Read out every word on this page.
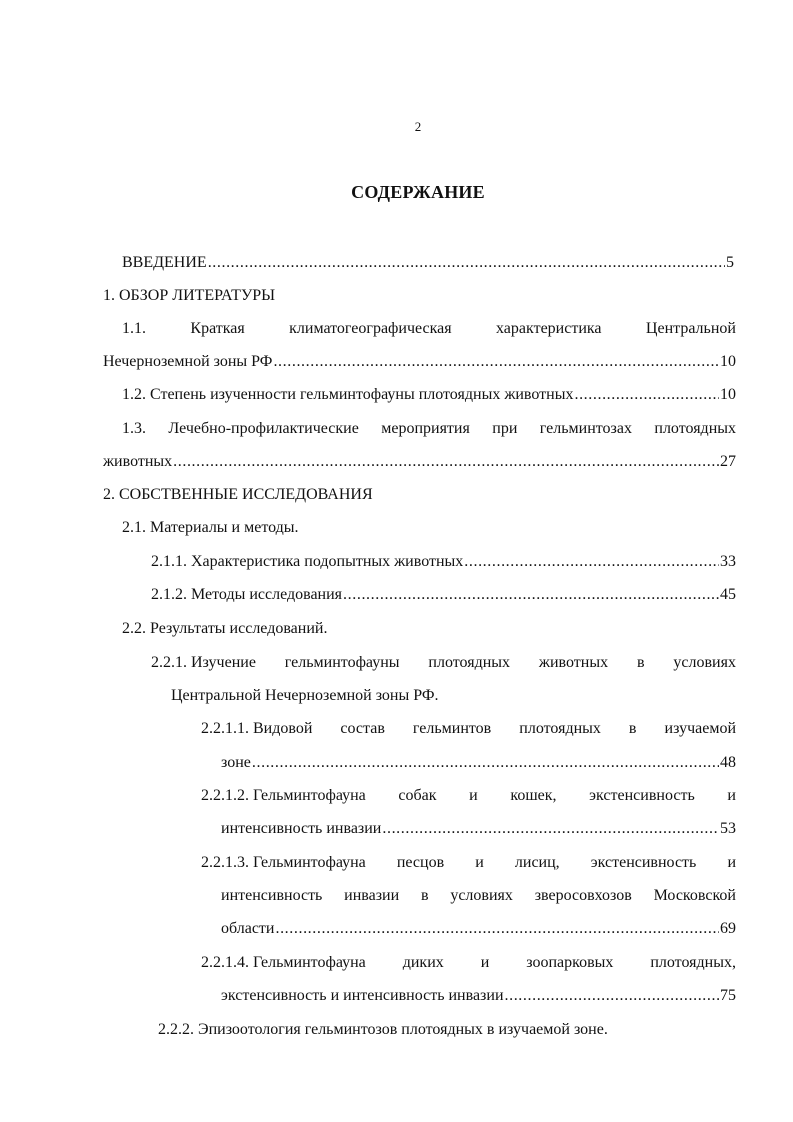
2
СОДЕРЖАНИЕ
ВВЕДЕНИЕ .....	5
1. ОБЗОР ЛИТЕРАТУРЫ
1.1.	Краткая	климатогеографическая	характеристика	Центральной
Нечерноземной зоны РФ .....	10
1.2. Степень изученности гельминтофауны плотоядных животных .....	10
1.3. Лечебно-профилактические мероприятия при гельминтозах плотоядных
животных .....	27
2. СОБСТВЕННЫЕ ИССЛЕДОВАНИЯ
2.1. Материалы и методы.
2.1.1. Характеристика подопытных животных .....	33
2.1.2. Методы исследования .....	45
2.2. Результаты исследований.
2.2.1. Изучение гельминтофауны плотоядных животных в условиях
Центральной Нечерноземной зоны РФ.
2.2.1.1. Видовой состав гельминтов плотоядных в изучаемой
зоне .....	48
2.2.1.2. Гельминтофауна собак и кошек, экстенсивность и
интенсивность инвазии .....	53
2.2.1.3. Гельминтофауна песцов и лисиц, экстенсивность и
интенсивность инвазии в условиях зверосовхозов Московской
области .....	69
2.2.1.4. Гельминтофауна диких и зоопарковых плотоядных,
экстенсивность и интенсивность инвазии .....	75
2.2.2. Эпизоотология гельминтозов плотоядных в изучаемой зоне.
